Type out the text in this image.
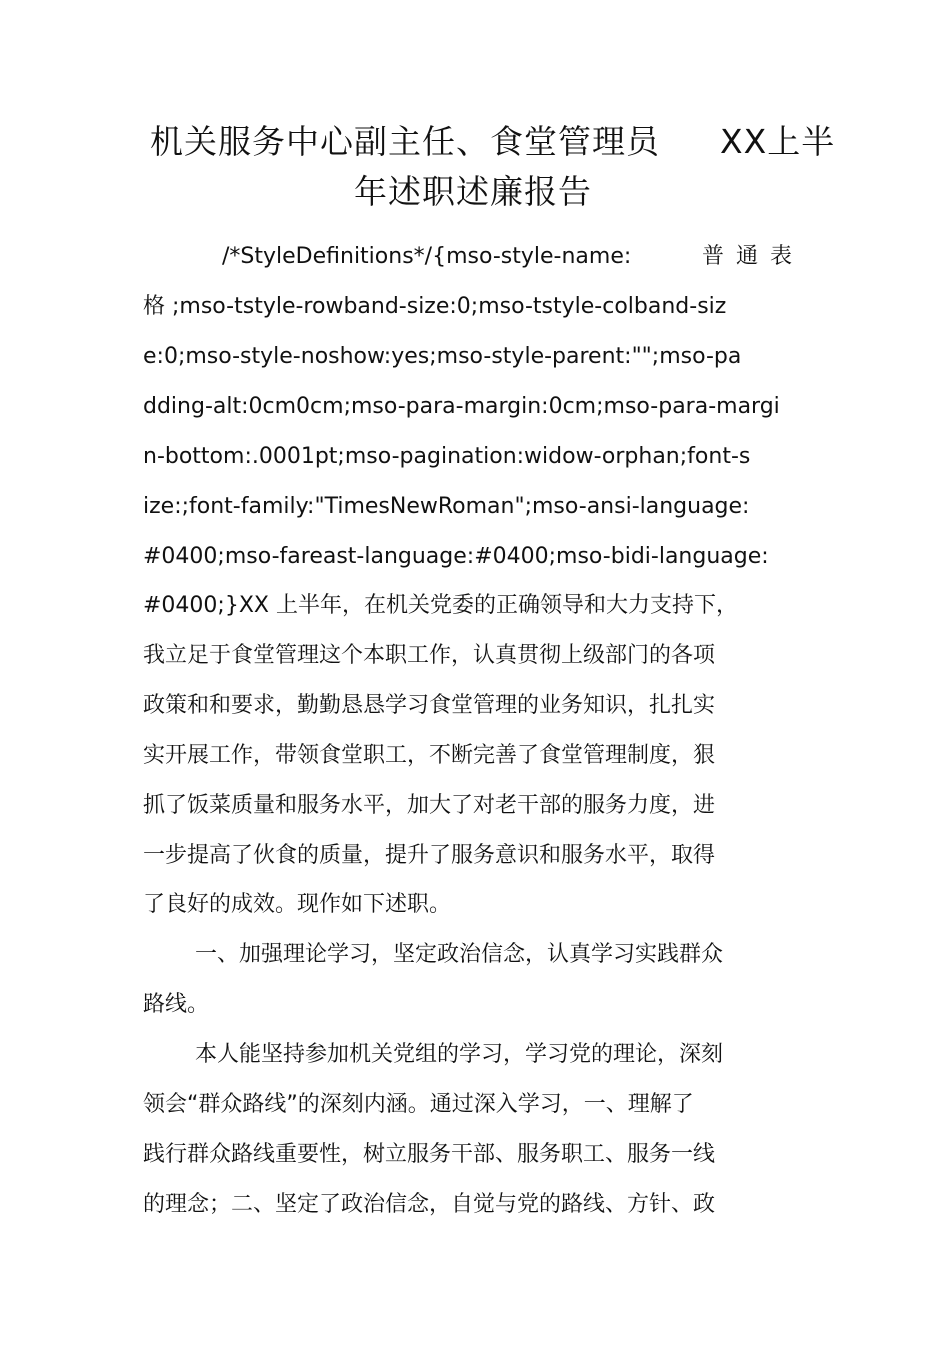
机关服务中心副主任、食堂管理员 XX上半
年述职述廉报告
/*StyleDefinitions*/{mso-style-name:	普通表
格 ;mso-tstyle-rowband-size:0;mso-tstyle-colband-siz
e:0;mso-style-noshow:yes;mso-style-parent:"";mso-pa
dding-alt:0cm0cm;mso-para-margin:0cm;mso-para-margi
n-bottom:.0001pt;mso-pagination:widow-orphan;font-s
ize:;font-family:"TimesNewRoman";mso-ansi-language:
#0400;mso-fareast-language:#0400;mso-bidi-language:
#0400;}XX 上半年，在机关党委的正确领导和大力支持下，
我立足于食堂管理这个本职工作，认真贯彻上级部门的各项
政策和和要求，勤勤恳恳学习食堂管理的业务知识，扎扎实
实开展工作，带领食堂职工，不断完善了食堂管理制度，狠
抓了饭菜质量和服务水平，加大了对老干部的服务力度，进
一步提高了伙食的质量，提升了服务意识和服务水平，取得
了良好的成效。现作如下述职。
一、加强理论学习，坚定政治信念，认真学习实践群众
路线。
本人能坚持参加机关党组的学习，学习党的理论，深刻
领会“群众路线”的深刻内涵。通过深入学习，一、理解了
践行群众路线重要性，树立服务干部、服务职工、服务一线
的理念；二、坚定了政治信念，自觉与党的路线、方针、政
